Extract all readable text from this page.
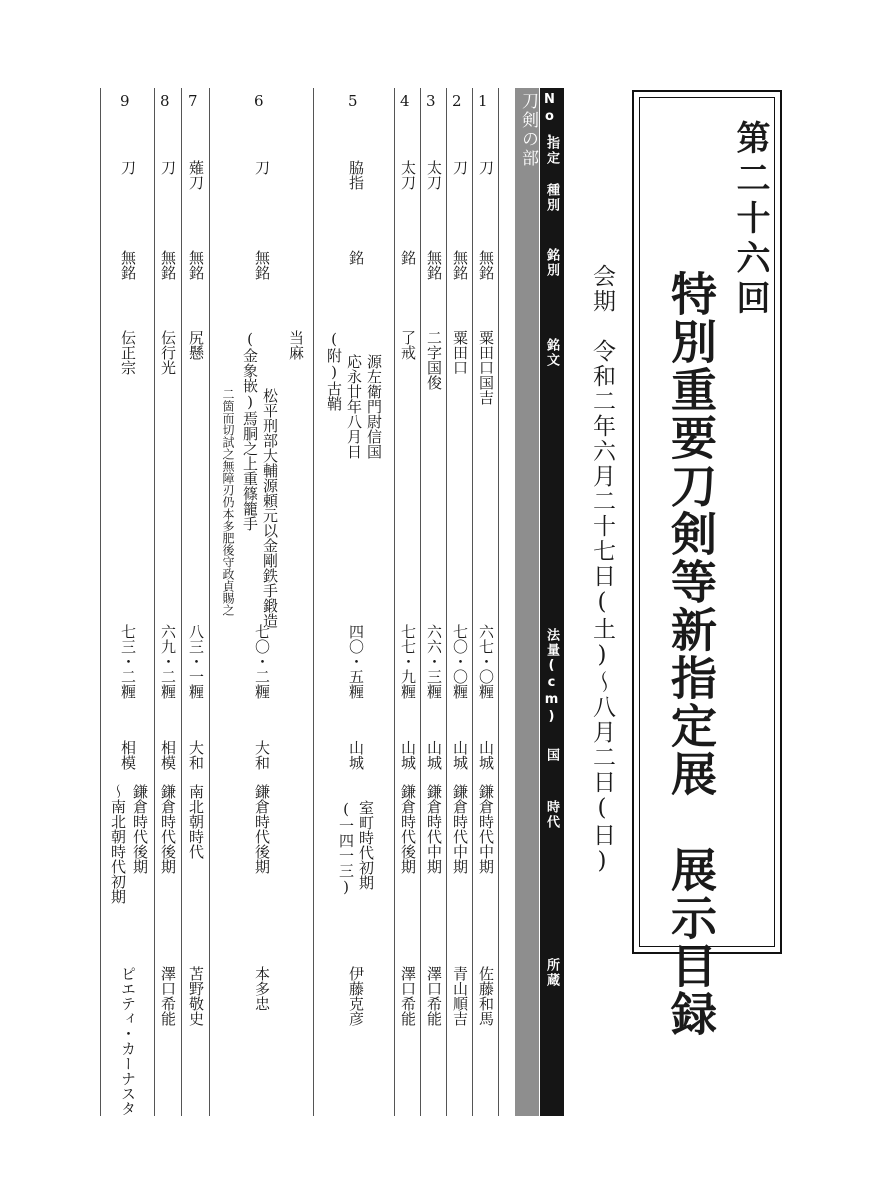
第二十六回
特別重要刀剣等新指定展　展示目録
会期　令和二年六月二十七日(土)〜八月二日(日)
No.
指定 種別
銘別
銘文
法量(cm)
国
時代
所蔵
刀剣の部
1
刀
無銘
粟田口国吉
六七・〇糎
山城
鎌倉時代中期
佐藤和馬
2
刀
無銘
粟田口
七〇・〇糎
山城
鎌倉時代中期
青山順吉
3
太刀
無銘
二字国俊
六六・三糎
山城
鎌倉時代中期
澤口希能
4
太刀
銘
了戒
七七・九糎
山城
鎌倉時代後期
澤口希能
5
脇指
銘
源左衛門尉信国
応永廿年八月日
(附)古鞘
四〇・五糎
山城
室町時代初期
(一四一三)
伊藤克彦
6
刀
無銘
当麻
松平刑部大輔源頼元以金剛鉄手鍛造
(金象嵌)焉胴之上重篠籠手
二箇而切試之無障刃仍本多肥後守政貞賜之
七〇・二糎
大和
鎌倉時代後期
本多忠
7
薙刀
無銘
尻懸
八三・一糎
大和
南北朝時代
苫野敬史
8
刀
無銘
伝行光
六九・二糎
相模
鎌倉時代後期
澤口希能
9
刀
無銘
伝正宗
七三・二糎
相模
鎌倉時代後期
〜南北朝時代初期
ピエティ・カーナスタ
